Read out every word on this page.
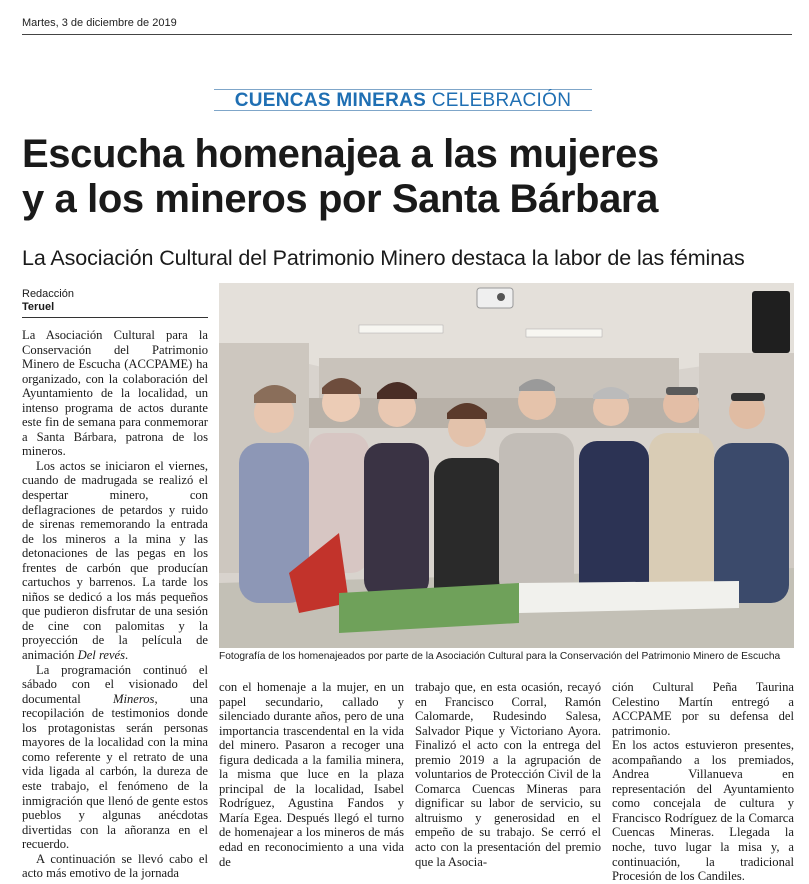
Martes, 3 de diciembre de 2019
CUENCAS MINERAS CELEBRACIÓN
Escucha homenajea a las mujeres
y a los mineros por Santa Bárbara
La Asociación Cultural del Patrimonio Minero destaca la labor de las féminas
Redacción
Teruel

La Asociación Cultural para la Conservación del Patrimonio Minero de Escucha (ACCPAME) ha organizado, con la colaboración del Ayuntamiento de la localidad, un intenso programa de actos durante este fin de semana para conmemorar a Santa Bárbara, patrona de los mineros.

Los actos se iniciaron el viernes, cuando de madrugada se realizó el despertar minero, con deflagraciones de petardos y ruido de sirenas rememorando la entrada de los mineros a la mina y las detonaciones de las pegas en los frentes de carbón que producían cartuchos y barrenos. La tarde los niños se dedicó a los más pequeños que pudieron disfrutar de una sesión de cine con palomitas y la proyección de la película de animación Del revés.

La programación continuó el sábado con el visionado del documental Mineros, una recopilación de testimonios donde los protagonistas serán personas mayores de la localidad con la mina como referente y el retrato de una vida ligada al carbón, la dureza de este trabajo, el fenómeno de la inmigración que llenó de gente estos pueblos y algunas anécdotas divertidas con la añoranza en el recuerdo.

A continuación se llevó cabo el acto más emotivo de la jornada

Fotografía de los homenajeados por parte de la Asociación Cultural para la Conservación del Patrimonio Minero de Escucha

con el homenaje a la mujer, en un papel secundario, callado y silenciado durante años, pero de una importancia trascendental en la vida del minero. Pasaron a recoger una figura dedicada a la familia minera, la misma que luce en la plaza principal de la localidad, Isabel Rodríguez, Agustina Fandos y María Egea. Después llegó el turno de homenajear a los mineros de más edad en reconocimiento a una vida de

trabajo que, en esta ocasión, recayó en Francisco Corral, Ramón Calomarde, Rudesindo Salesa, Salvador Pique y Victoriano Ayora. Finalizó el acto con la entrega del premio 2019 a la agrupación de voluntarios de Protección Civil de la Comarca Cuencas Mineras para dignificar su labor de servicio, su altruismo y generosidad en el empeño de su trabajo. Se cerró el acto con la presentación del premio que la Asocia-

ción Cultural Peña Taurina Celestino Martín entregó a ACCPAME por su defensa del patrimonio.

En los actos estuvieron presentes, acompañando a los premiados, Andrea Villanueva en representación del Ayuntamiento como concejala de cultura y Francisco Rodríguez de la Comarca Cuencas Mineras. Llegada la noche, tuvo lugar la misa y, a continuación, la tradicional Procesión de los Candiles.
